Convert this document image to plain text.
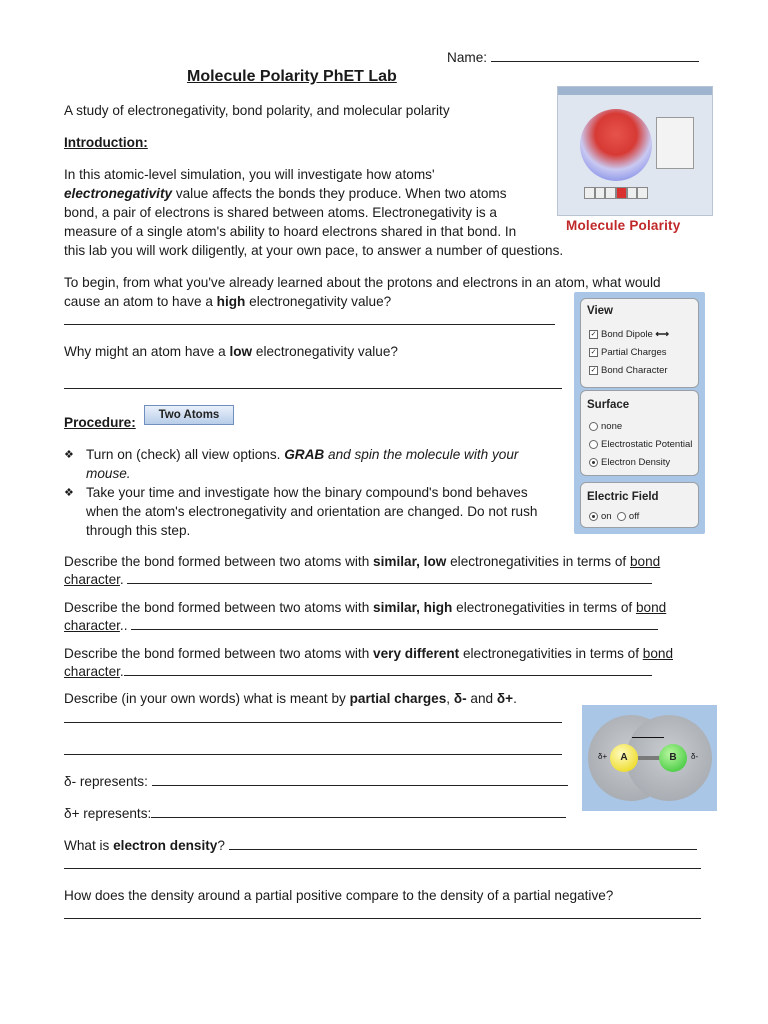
Name:
Molecule Polarity PhET Lab
A study of electronegativity, bond polarity, and molecular polarity
Molecule Polarity
Introduction:
In this atomic-level simulation, you will investigate how atoms'
electronegativity value affects the bonds they produce. When two atoms
bond, a pair of electrons is shared between atoms. Electronegativity is a
measure of a single atom's ability to hoard electrons shared in that bond. In
this lab you will work diligently, at your own pace, to answer a number of questions.
To begin, from what you've already learned about the protons and electrons in an atom, what would
cause an atom to have a high electronegativity value?
Why might an atom have a low electronegativity value?
View
✓ Bond Dipole ⟷
✓ Partial Charges
✓ Bond Character
Surface
none
Electrostatic Potential
Electron Density
Electric Field
on off
Procedure:	Two Atoms
❖ Turn on (check) all view options. GRAB and spin the molecule with your
mouse.
❖ Take your time and investigate how the binary compound's bond behaves
when the atom's electronegativity and orientation are changed. Do not rush
through this step.
Describe the bond formed between two atoms with similar, low electronegativities in terms of bond
character.
Describe the bond formed between two atoms with similar, high electronegativities in terms of bond
character..
Describe the bond formed between two atoms with very different electronegativities in terms of bond
character.
Describe (in your own words) what is meant by partial charges, δ- and δ+.
δ- represents:
δ+ represents:
A	B
δ+	δ-
What is electron density?
How does the density around a partial positive compare to the density of a partial negative?
